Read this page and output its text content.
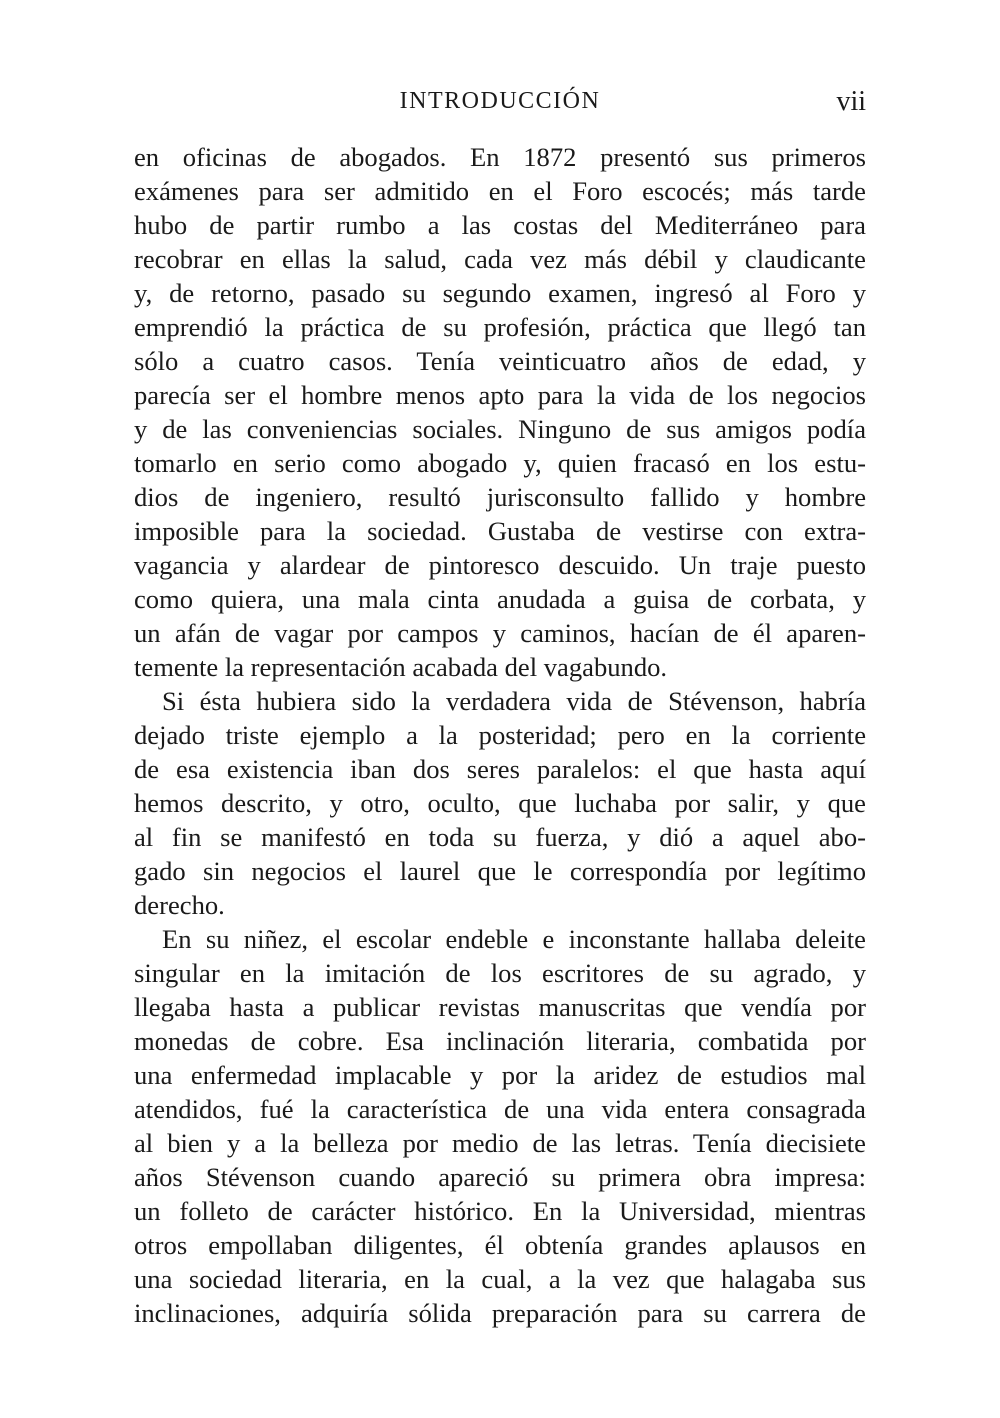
INTRODUCCIÓN	vii
en oficinas de abogados. En 1872 presentó sus primeros
exámenes para ser admitido en el Foro escocés; más tarde
hubo de partir rumbo a las costas del Mediterráneo para
recobrar en ellas la salud, cada vez más débil y claudicante
y, de retorno, pasado su segundo examen, ingresó al Foro y
emprendió la práctica de su profesión, práctica que llegó tan
sólo a cuatro casos. Tenía veinticuatro años de edad, y
parecía ser el hombre menos apto para la vida de los negocios
y de las conveniencias sociales. Ninguno de sus amigos podía
tomarlo en serio como abogado y, quien fracasó en los estu-
dios de ingeniero, resultó jurisconsulto fallido y hombre
imposible para la sociedad. Gustaba de vestirse con extra-
vagancia y alardear de pintoresco descuido. Un traje puesto
como quiera, una mala cinta anudada a guisa de corbata, y
un afán de vagar por campos y caminos, hacían de él aparen-
temente la representación acabada del vagabundo.
Si ésta hubiera sido la verdadera vida de Stévenson, habría
dejado triste ejemplo a la posteridad; pero en la corriente
de esa existencia iban dos seres paralelos: el que hasta aquí
hemos descrito, y otro, oculto, que luchaba por salir, y que
al fin se manifestó en toda su fuerza, y dió a aquel abo-
gado sin negocios el laurel que le correspondía por legítimo
derecho.
En su niñez, el escolar endeble e inconstante hallaba deleite
singular en la imitación de los escritores de su agrado, y
llegaba hasta a publicar revistas manuscritas que vendía por
monedas de cobre. Esa inclinación literaria, combatida por
una enfermedad implacable y por la aridez de estudios mal
atendidos, fué la característica de una vida entera consagrada
al bien y a la belleza por medio de las letras. Tenía diecisiete
años Stévenson cuando apareció su primera obra impresa:
un folleto de carácter histórico. En la Universidad, mientras
otros empollaban diligentes, él obtenía grandes aplausos en
una sociedad literaria, en la cual, a la vez que halagaba sus
inclinaciones, adquiría sólida preparación para su carrera de
